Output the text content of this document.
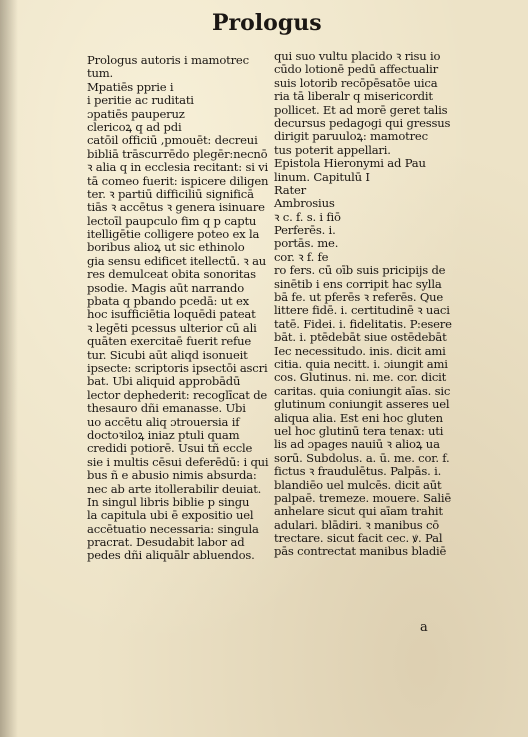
Prologus
Prologus autoris i mamotrec
tum.
Mpatiēs pprie i
i peritie ac ruditati
ɔpatiēs pauperuz
clericoꝝ q ad pdi
catōil officiū ,pmouēt: decreui
bibliā trāscurrēdo plegēr:necnō
ꝛ alia q in ecclesia recitant: si vi
tā comeo fuerit: ispicere diligen
ter. ꝛ partiū difficiliū significā
tiās ꝛ accētus ꝛ genera isinuare
lectoīl paupculo fim q p captu
itelligētie colligere poteo ex la
boribus alioꝝ ut sic ethinolo
gia sensu edificet itellectū. ꝛ au
res demulceat obita sonoritas
psodie. Magis aūt narrando
pbata q pbando pcedā: ut ex
hoc isufficiētia loquēdi pateat
ꝛ legēti pcessus ulterior cū ali
quāten exercitaē fuerit refue
tur. Sicubi aūt aliqd isonueit
ipsecte: scriptoris ipsectōi ascri
bat. Ubi aliquid approbādū
lector dephederit: recoglīcat de
thesauro dñi emanasse. Ubi
uo accētu aliq ɔtrouersia if
doctoꝛiloꝝ iniaz ptuli quam
credidi potiorē. Usui tñ eccle
sie i multis cēsui deferēdū: i qui
bus ñ e abusio nimis absurda:
nec ab arte itollerabilir deuiat.
In singul libris biblie p singu
la capitula ubi ē expositio uel
accētuatio necessaria: singula
pracrat. Desudabit labor ad
pedes dñi aliquālr abluendos.
qui suo vultu placido ꝛ risu io
cūdo lotionē pedū affectualir
suis lotorib recōpēsatōe uica
ria tā liberalr q misericordit
pollicet. Et ad morē geret talis
decursus pedagogi qui gressus
dirigit paruuloꝝ: mamotrec
tus poterit appellari.
Epistola Hieronymi ad Pau
linum. Capitulū I
Rater
Ambrosius
ꝛ c. f. s. i fiō
Perferēs. i.
portās. me.
cor. ꝛ f. fe
ro fers. cū oīb suis pricipijs de
sinētib i ens corripit hac sylla
bā fe. ut pferēs ꝛ referēs. Que
littere fidē. i. certitudinē ꝛ uaci
tatē. Fidei. i. fidelitatis. P:esere
bāt. i. ptēdebāt siue ostēdebāt
Iec necessitudo. inis. dicit ami
citia. quia necitt. i. ɔiungit ami
cos. Glutinus. ni. me. cor. dicit
caritas. quia coniungit aīas. sic
glutinum coniungit asseres uel
aliqua alia. Est eni hoc gluten
uel hoc glutinū tera tenax: uti
lis ad ɔpages nauiū ꝛ alioꝝ ua
sorū. Subdolus. a. ū. me. cor. f.
fictus ꝛ fraudulētus. Palpās. i.
blandiēo uel mulcēs. dicit aūt
palpaē. tremeze. mouere. Saliē
anhelare sicut qui aīam trahit
adulari. blādiri. ꝛ manibus cō
trectare. sicut facit cec. ꝟ. Pal
pās contrectat manibus bladiē
a
